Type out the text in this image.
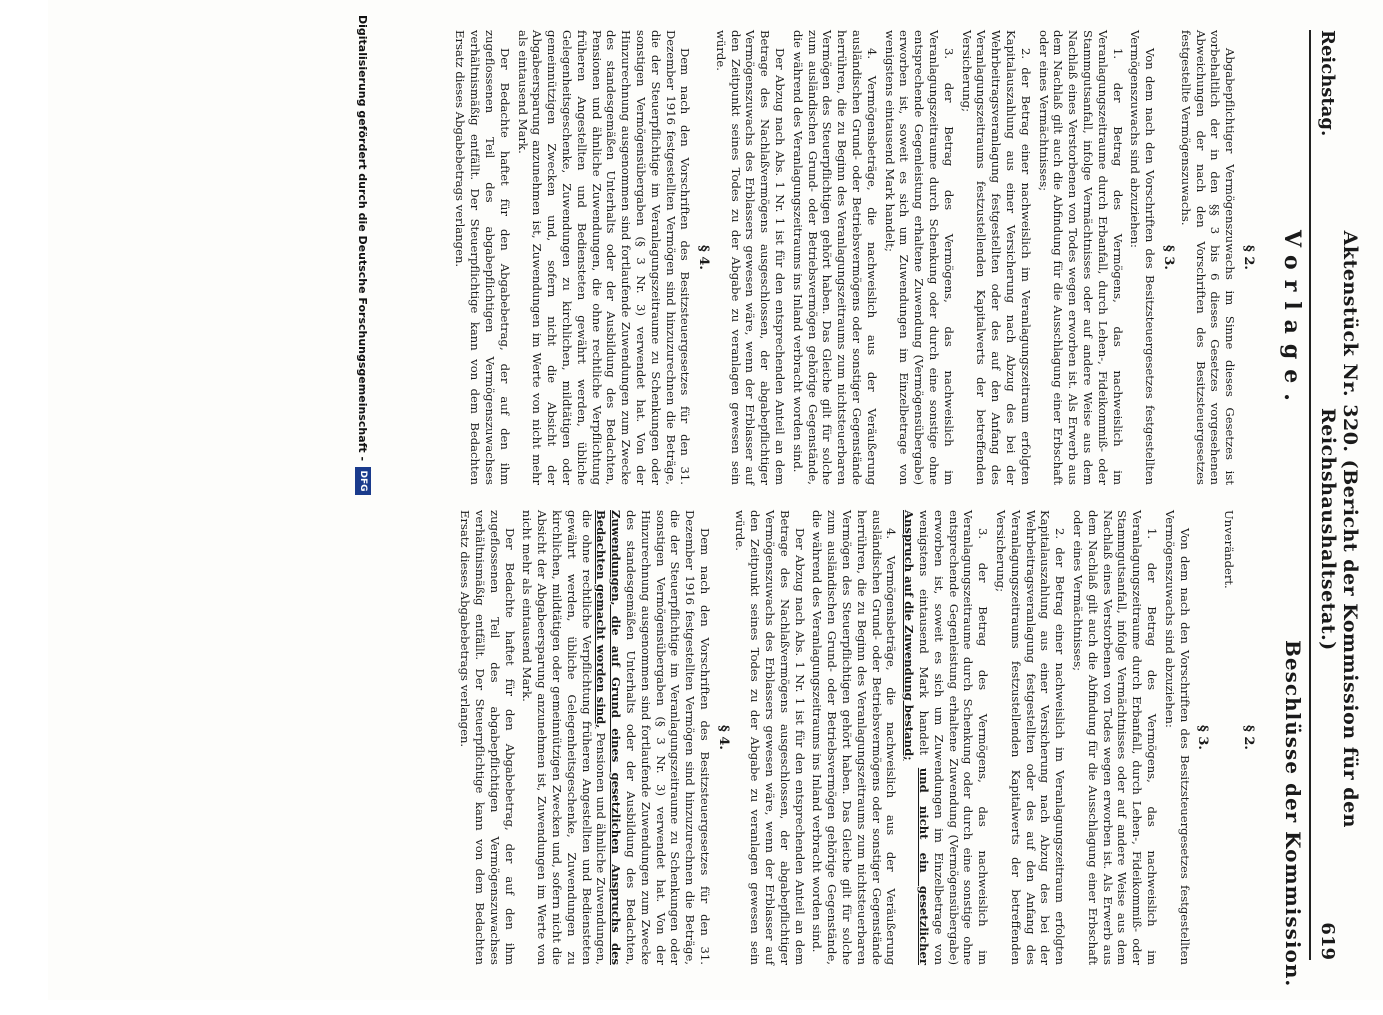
Reichstag.
Aktenstück Nr. 320. (Bericht der Kommission für den Reichshaushaltsetat.)
619
Vorlage.
Beschlüsse der Kommission.

§ 2.

Abgabepflichtiger Vermögenszuwachs im Sinne dieses Gesetzes ist vorbehaltlich der in den §§ 3 bis 6 dieses Gesetzes vorgesehenen Abweichungen der nach den Vorschriften des Besitzsteuergesetzes festgestellte Vermögenszuwachs.

§ 3.

Von dem nach den Vorschriften des Besitzsteuergesetzes festgestellten Vermögenszuwachs sind abzuziehen:

1. der Betrag des Vermögens, das nachweislich im Veranlagungszeitraume durch Erbanfall, durch Lehen-, Fideikommiß- oder Stammgutsanfall, infolge Vermächtnisses oder auf andere Weise aus dem Nachlaß eines Verstorbenen von Todes wegen erworben ist. Als Erwerb aus dem Nachlaß gilt auch die Abfindung für die Ausschlagung einer Erbschaft oder eines Vermächtnisses;

2. der Betrag einer nachweislich im Veranlagungszeitraum erfolgten Kapitalauszahlung aus einer Versicherung nach Abzug des bei der Wehrbeitragsveranlagung festgestellten oder des auf den Anfang des Veranlagungszeitraums festzustellenden Kapitalwerts der betreffenden Versicherung;

3. der Betrag des Vermögens, das nachweislich im Veranlagungszeitraume durch Schenkung oder durch eine sonstige ohne entsprechende Gegenleistung erhaltene Zuwendung (Vermögensübergabe) erworben ist, soweit es sich um Zuwendungen im Einzelbetrage von wenigstens eintausend Mark handelt;

4. Vermögensbeträge, die nachweislich aus der Veräußerung ausländischen Grund- oder Betriebsvermögens oder sonstiger Gegenstände herrühren, die zu Beginn des Veranlagungszeitraums zum nichtsteuerbaren Vermögen des Steuerpflichtigen gehört haben. Das Gleiche gilt für solche zum ausländischen Grund- oder Betriebsvermögen gehörige Gegenstände, die während des Veranlagungszeitraums ins Inland verbracht worden sind.

Der Abzug nach Abs. 1 Nr. 1 ist für den entsprechenden Anteil an dem Betrage des Nachlaßvermögens ausgeschlossen, der abgabepflichtiger Vermögenszuwachs des Erblassers gewesen wäre, wenn der Erblasser auf den Zeitpunkt seines Todes zu der Abgabe zu veranlagen gewesen sein würde.

§ 4.

Dem nach den Vorschriften des Besitzsteuergesetzes für den 31. Dezember 1916 festgestellten Vermögen sind hinzuzurechnen die Beträge, die der Steuerpflichtige im Veranlagungszeitraume zu Schenkungen oder sonstigen Vermögensübergaben (§ 3 Nr. 3) verwendet hat. Von der Hinzurechnung ausgenommen sind fortlaufende Zuwendungen zum Zwecke des standesgemäßen Unterhalts oder der Ausbildung des Bedachten, Pensionen und ähnliche Zuwendungen, die ohne rechtliche Verpflichtung früheren Angestellten und Bediensteten gewährt werden, übliche Gelegenheitsgeschenke, Zuwendungen zu kirchlichen, mildtätigen oder gemeinnützigen Zwecken und, sofern nicht die Absicht der Abgabeersparung anzunehmen ist, Zuwendungen im Werte von nicht mehr als eintausend Mark.

Der Bedachte haftet für den Abgabebetrag, der auf den ihm zugeflossenen Teil des abgabepflichtigen Vermögenszuwachses verhältnismäßig entfällt. Der Steuerpflichtige kann von dem Bedachten Ersatz dieses Abgabebetrags verlangen.

§ 2.

Unverändert.

§ 3.

Von dem nach den Vorschriften des Besitzsteuergesetzes festgestellten Vermögenszuwachs sind abzuziehen:

1. der Betrag des Vermögens, das nachweislich im Veranlagungszeitraume durch Erbanfall, durch Lehen-, Fideikommiß- oder Stammgutsanfall, infolge Vermächtnisses oder auf andere Weise aus dem Nachlaß eines Verstorbenen von Todes wegen erworben ist. Als Erwerb aus dem Nachlaß gilt auch die Abfindung für die Ausschlagung einer Erbschaft oder eines Vermächtnisses;

2. der Betrag einer nachweislich im Veranlagungszeitraum erfolgten Kapitalauszahlung aus einer Versicherung nach Abzug des bei der Wehrbeitragsveranlagung festgestellten oder des auf den Anfang des Veranlagungszeitraums festzustellenden Kapitalwerts der betreffenden Versicherung;

3. der Betrag des Vermögens, das nachweislich im Veranlagungszeitraume durch Schenkung oder durch eine sonstige ohne entsprechende Gegenleistung erhaltene Zuwendung (Vermögensübergabe) erworben ist, soweit es sich um Zuwendungen im Einzelbetrage von wenigstens eintausend Mark handelt und nicht ein gesetzlicher Anspruch auf die Zuwendung bestand;

4. Vermögensbeträge, die nachweislich aus der Veräußerung ausländischen Grund- oder Betriebsvermögens oder sonstiger Gegenstände herrühren, die zu Beginn des Veranlagungszeitraums zum nichtsteuerbaren Vermögen des Steuerpflichtigen gehört haben. Das Gleiche gilt für solche zum ausländischen Grund- oder Betriebsvermögen gehörige Gegenstände, die während des Veranlagungszeitraums ins Inland verbracht worden sind.

Der Abzug nach Abs. 1 Nr. 1 ist für den entsprechenden Anteil an dem Betrage des Nachlaßvermögens ausgeschlossen, der abgabepflichtiger Vermögenszuwachs des Erblassers gewesen wäre, wenn der Erblasser auf den Zeitpunkt seines Todes zu der Abgabe zu veranlagen gewesen sein würde.

§ 4.

Dem nach den Vorschriften des Besitzsteuergesetzes für den 31. Dezember 1916 festgestellten Vermögen sind hinzuzurechnen die Beträge, die der Steuerpflichtige im Veranlagungszeitraume zu Schenkungen oder sonstigen Vermögensübergaben (§ 3 Nr. 3) verwendet hat. Von der Hinzurechnung ausgenommen sind fortlaufende Zuwendungen zum Zwecke des standesgemäßen Unterhalts oder der Ausbildung des Bedachten, Zuwendungen, die auf Grund eines gesetzlichen Anspruchs des Bedachten gemacht worden sind, Pensionen und ähnliche Zuwendungen, die ohne rechtliche Verpflichtung früheren Angestellten und Bediensteten gewährt werden, übliche Gelegenheitsgeschenke, Zuwendungen zu kirchlichen, mildtätigen oder gemeinnützigen Zwecken und, sofern nicht die Absicht der Abgabeersparung anzunehmen ist, Zuwendungen im Werte von nicht mehr als eintausend Mark.

Der Bedachte haftet für den Abgabebetrag, der auf den ihm zugeflossenen Teil des abgabepflichtigen Vermögenszuwachses verhältnismäßig entfällt. Der Steuerpflichtige kann von dem Bedachten Ersatz dieses Abgabebetrags verlangen.

Digitalisierung gefördert durch die Deutsche Forschungsgemeinschaft -
DFG
